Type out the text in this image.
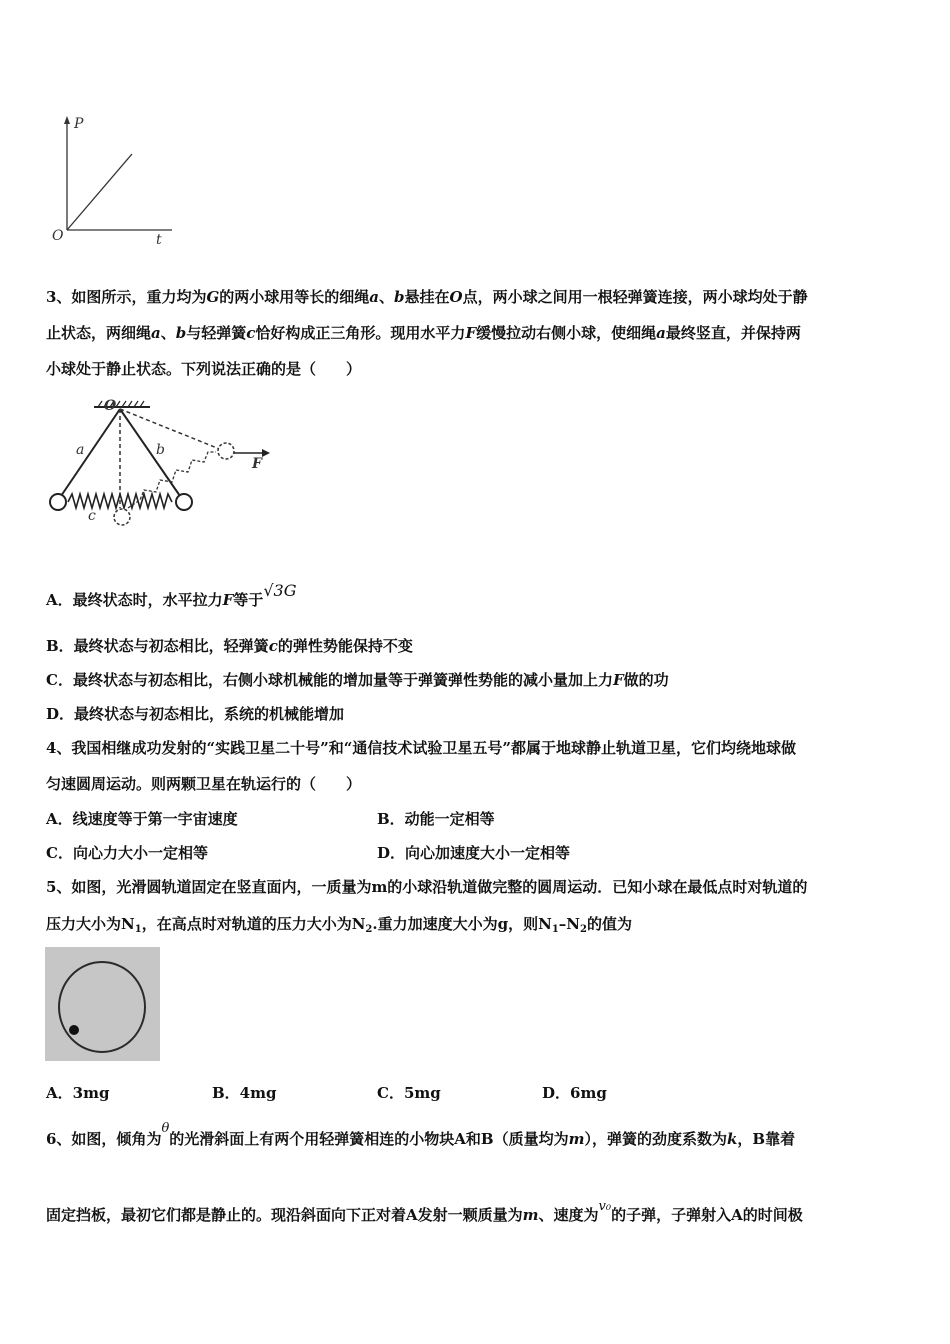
P
t
O
3、如图所示，重力均为G的两小球用等长的细绳a、b悬挂在O点，两小球之间用一根轻弹簧连接，两小球均处于静
止状态，两细绳a、b与轻弹簧c恰好构成正三角形。现用水平力F缓慢拉动右侧小球，使细绳a最终竖直，并保持两
小球处于静止状态。下列说法正确的是（　　）
O
a	b
c
F
A．最终状态时，水平拉力F等于√3G
B．最终状态与初态相比，轻弹簧c的弹性势能保持不变
C．最终状态与初态相比，右侧小球机械能的增加量等于弹簧弹性势能的减小量加上力F做的功
D．最终状态与初态相比，系统的机械能增加
4、我国相继成功发射的“实践卫星二十号”和“通信技术试验卫星五号”都属于地球静止轨道卫星，它们均绕地球做
匀速圆周运动。则两颗卫星在轨运行的（　　）
A．线速度等于第一宇宙速度	B．动能一定相等
C．向心力大小一定相等	D．向心加速度大小一定相等
5、如图，光滑圆轨道固定在竖直面内，一质量为m的小球沿轨道做完整的圆周运动．已知小球在最低点时对轨道的
压力大小为$N_1$，在高点时对轨道的压力大小为$N_2$.重力加速度大小为g，则$N_1-N_2$的值为
A．3mg	B．4mg	C．5mg	D．6mg
6、如图，倾角为θ的光滑斜面上有两个用轻弹簧相连的小物块A和B（质量均为m），弹簧的劲度系数为k，B靠着
固定挡板，最初它们都是静止的。现沿斜面向下正对着A发射一颗质量为m、速度为v₀的子弹，子弹射入A的时间极
